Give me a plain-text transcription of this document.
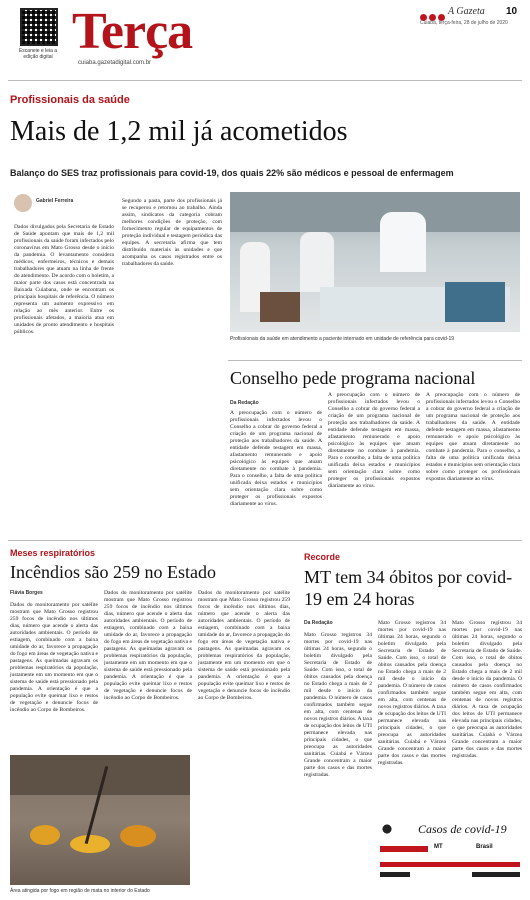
Escaneie e leia a edição digital Terça
cuiaba.gazetadigital.com.br
A Gazeta 10
Cuiabá, terça-feira, 28 de julho de 2020
Profissionais da saúde
Mais de 1,2 mil já acometidos
Balanço do SES traz profissionais para covid-19, dos quais 22% são médicos e pessoal de enfermagem
Gabriel Ferreira
Dados divulgados pela Secretaria de Estado de Saúde apontam que mais de 1,2 mil profissionais da saúde foram infectados pelo coronavírus em Mato Grosso desde o início da pandemia. O levantamento considera médicos, enfermeiros, técnicos e demais trabalhadores que atuam na linha de frente do atendimento. De acordo com o boletim, a maior parte dos casos está concentrada na Baixada Cuiabana, onde se encontram os principais hospitais de referência. O número representa um aumento expressivo em relação ao mês anterior. Entre os profissionais afetados, a maioria atua em unidades de pronto atendimento e hospitais públicos.
Segundo a pasta, parte dos profissionais já se recuperou e retornou ao trabalho. Ainda assim, sindicatos da categoria cobram melhores condições de proteção, com fornecimento regular de equipamentos de proteção individual e testagem periódica das equipes. A secretaria afirma que tem distribuído materiais às unidades e que acompanha os casos registrados entre os trabalhadores da saúde.
Profissionais da saúde em atendimento a paciente internado em unidade de referência para covid-19
Conselho pede programa nacional
Da Redação
A preocupação com o número de profissionais infectados levou o Conselho a cobrar do governo federal a criação de um programa nacional de proteção aos trabalhadores da saúde. A entidade defende testagem em massa, afastamento remunerado e apoio psicológico às equipes que atuam diretamente no combate à pandemia. Para o conselho, a falta de uma política unificada deixa estados e municípios sem orientação clara sobre como proteger os profissionais expostos diariamente ao vírus.
A preocupação com o número de profissionais infectados levou o Conselho a cobrar do governo federal a criação de um programa nacional de proteção aos trabalhadores da saúde. A entidade defende testagem em massa, afastamento remunerado e apoio psicológico às equipes que atuam diretamente no combate à pandemia. Para o conselho, a falta de uma política unificada deixa estados e municípios sem orientação clara sobre como proteger os profissionais expostos diariamente ao vírus.
A preocupação com o número de profissionais infectados levou o Conselho a cobrar do governo federal a criação de um programa nacional de proteção aos trabalhadores da saúde. A entidade defende testagem em massa, afastamento remunerado e apoio psicológico às equipes que atuam diretamente no combate à pandemia. Para o conselho, a falta de uma política unificada deixa estados e municípios sem orientação clara sobre como proteger os profissionais expostos diariamente ao vírus.
Meses respiratórios
Incêndios são 259 no Estado
Flávia Borges
Dados do monitoramento por satélite mostram que Mato Grosso registrou 259 focos de incêndio nos últimos dias, número que acende o alerta das autoridades ambientais. O período de estiagem, combinado com a baixa umidade do ar, favorece a propagação do fogo em áreas de vegetação nativa e pastagens. As queimadas agravam os problemas respiratórios da população, justamente em um momento em que o sistema de saúde está pressionado pela pandemia. A orientação é que a população evite queimar lixo e restos de vegetação e denuncie focos de incêndio ao Corpo de Bombeiros.
Dados do monitoramento por satélite mostram que Mato Grosso registrou 259 focos de incêndio nos últimos dias, número que acende o alerta das autoridades ambientais. O período de estiagem, combinado com a baixa umidade do ar, favorece a propagação do fogo em áreas de vegetação nativa e pastagens. As queimadas agravam os problemas respiratórios da população, justamente em um momento em que o sistema de saúde está pressionado pela pandemia. A orientação é que a população evite queimar lixo e restos de vegetação e denuncie focos de incêndio ao Corpo de Bombeiros.
Dados do monitoramento por satélite mostram que Mato Grosso registrou 259 focos de incêndio nos últimos dias, número que acende o alerta das autoridades ambientais. O período de estiagem, combinado com a baixa umidade do ar, favorece a propagação do fogo em áreas de vegetação nativa e pastagens. As queimadas agravam os problemas respiratórios da população, justamente em um momento em que o sistema de saúde está pressionado pela pandemia. A orientação é que a população evite queimar lixo e restos de vegetação e denuncie focos de incêndio ao Corpo de Bombeiros.
Área atingida por fogo em região de mata no interior do Estado
Recorde
MT tem 34 óbitos por covid-19 em 24 horas
Da Redação
Mato Grosso registrou 34 mortes por covid-19 nas últimas 24 horas, segundo o boletim divulgado pela Secretaria de Estado de Saúde. Com isso, o total de óbitos causados pela doença no Estado chega a mais de 2 mil desde o início da pandemia. O número de casos confirmados também segue em alta, com centenas de novos registros diários. A taxa de ocupação dos leitos de UTI permanece elevada nas principais cidades, o que preocupa as autoridades sanitárias. Cuiabá e Várzea Grande concentram a maior parte dos casos e das mortes registradas.
Mato Grosso registrou 34 mortes por covid-19 nas últimas 24 horas, segundo o boletim divulgado pela Secretaria de Estado de Saúde. Com isso, o total de óbitos causados pela doença no Estado chega a mais de 2 mil desde o início da pandemia. O número de casos confirmados também segue em alta, com centenas de novos registros diários. A taxa de ocupação dos leitos de UTI permanece elevada nas principais cidades, o que preocupa as autoridades sanitárias. Cuiabá e Várzea Grande concentram a maior parte dos casos e das mortes registradas.
Mato Grosso registrou 34 mortes por covid-19 nas últimas 24 horas, segundo o boletim divulgado pela Secretaria de Estado de Saúde. Com isso, o total de óbitos causados pela doença no Estado chega a mais de 2 mil desde o início da pandemia. O número de casos confirmados também segue em alta, com centenas de novos registros diários. A taxa de ocupação dos leitos de UTI permanece elevada nas principais cidades, o que preocupa as autoridades sanitárias. Cuiabá e Várzea Grande concentram a maior parte dos casos e das mortes registradas.
Casos de covid-19
MT	Brasil
